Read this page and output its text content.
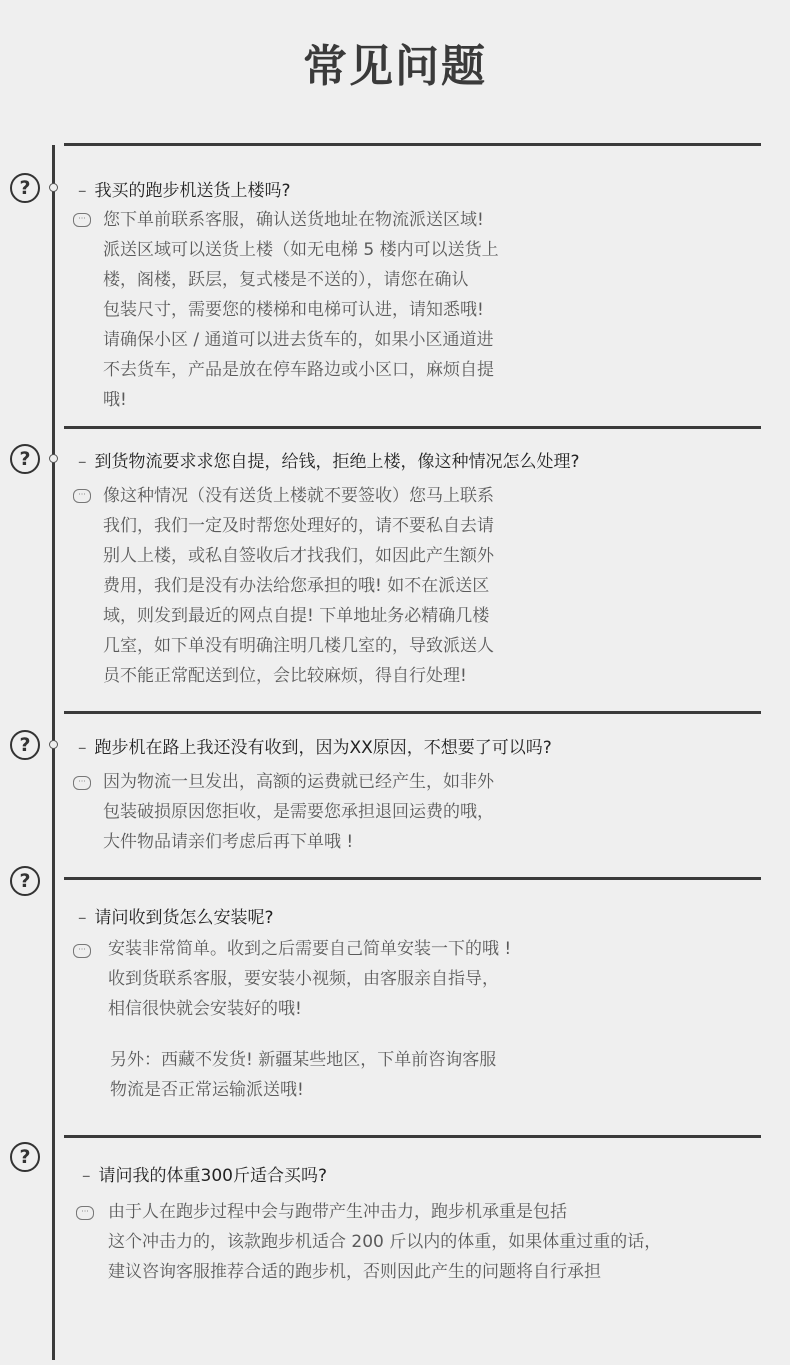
常见问题
?	– 我买的跑步机送货上楼吗?
···	您下单前联系客服，确认送货地址在物流派送区域!
派送区域可以送货上楼（如无电梯 5 楼内可以送货上
楼，阁楼，跃层，复式楼是不送的），请您在确认
包装尺寸，需要您的楼梯和电梯可认进，请知悉哦!
请确保小区 / 通道可以进去货车的，如果小区通道进
不去货车，产品是放在停车路边或小区口，麻烦自提
哦!
?	– 到货物流要求求您自提，给钱，拒绝上楼，像这种情况怎么处理?
···	像这种情况（没有送货上楼就不要签收）您马上联系
我们，我们一定及时帮您处理好的，请不要私自去请
别人上楼，或私自签收后才找我们，如因此产生额外
费用，我们是没有办法给您承担的哦! 如不在派送区
域，则发到最近的网点自提! 下单地址务必精确几楼
几室，如下单没有明确注明几楼几室的，导致派送人
员不能正常配送到位，会比较麻烦，得自行处理!
?	– 跑步机在路上我还没有收到，因为XX原因，不想要了可以吗?
···	因为物流一旦发出，高额的运费就已经产生，如非外
包装破损原因您拒收，是需要您承担退回运费的哦，
大件物品请亲们考虑后再下单哦 !
?
– 请问收到货怎么安装呢?
···	安装非常简单。收到之后需要自己简单安装一下的哦 !
收到货联系客服，要安装小视频，由客服亲自指导，
相信很快就会安装好的哦!
另外：西藏不发货! 新疆某些地区，下单前咨询客服
物流是否正常运输派送哦!
?
– 请问我的体重300斤适合买吗?
···	由于人在跑步过程中会与跑带产生冲击力，跑步机承重是包括
这个冲击力的，该款跑步机适合 200 斤以内的体重，如果体重过重的话，
建议咨询客服推荐合适的跑步机，否则因此产生的问题将自行承担
